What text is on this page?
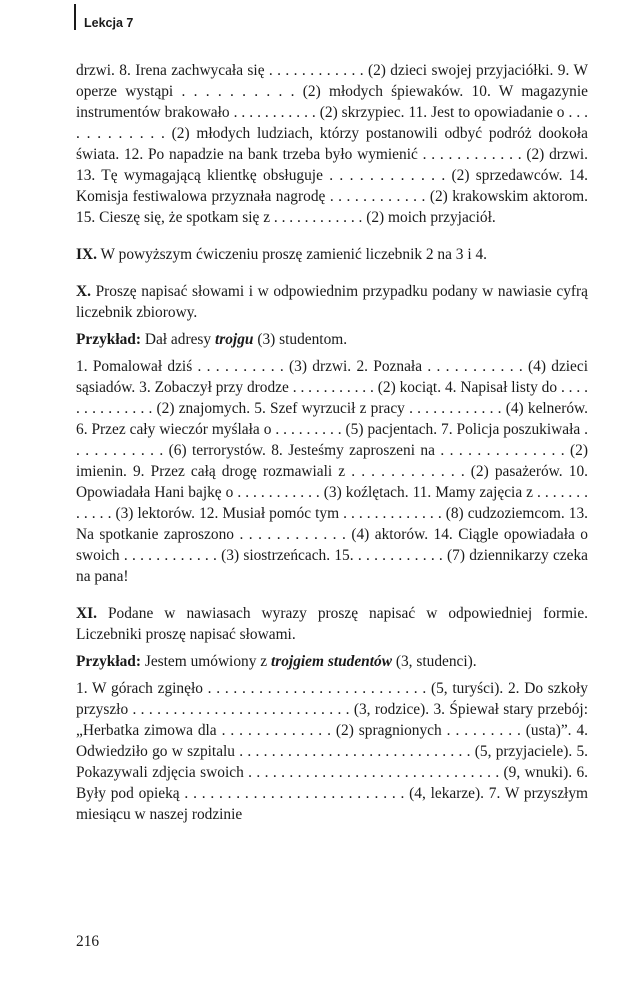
Lekcja 7

drzwi. 8. Irena zachwycała się . . . . . . . . . . . . (2) dzieci swojej przyjaciółki. 9. W operze wystąpi . . . . . . . . . . (2) młodych śpiewaków. 10. W magazynie instrumentów brakowało . . . . . . . . . . . (2) skrzypiec. 11. Jest to opowiadanie o . . . . . . . . . . . . (2) młodych ludziach, którzy postanowili odbyć podróż dookoła świata. 12. Po napadzie na bank trzeba było wymienić . . . . . . . . . . . . (2) drzwi. 13. Tę wymagającą klientkę obsługuje . . . . . . . . . . . . (2) sprzedawców. 14. Komisja festiwalowa przyznała nagrodę . . . . . . . . . . . . (2) krakowskim aktorom. 15. Cieszę się, że spotkam się z . . . . . . . . . . . . (2) moich przyjaciół.

IX. W powyższym ćwiczeniu proszę zamienić liczebnik 2 na 3 i 4.

X. Proszę napisać słowami i w odpowiednim przypadku podany w nawiasie cyfrą liczebnik zbiorowy.

Przykład: Dał adresy trojgu (3) studentom.

1. Pomalował dziś . . . . . . . . . . (3) drzwi. 2. Poznała . . . . . . . . . . . (4) dzieci sąsiadów. 3. Zobaczył przy drodze . . . . . . . . . . . (2) kociąt. 4. Napisał listy do . . . . . . . . . . . . . . (2) znajomych. 5. Szef wyrzucił z pracy . . . . . . . . . . . . (4) kelnerów. 6. Przez cały wieczór myślała o . . . . . . . . . (5) pacjentach. 7. Policja poszukiwała . . . . . . . . . . . (6) terrorystów. 8. Jesteśmy zaproszeni na . . . . . . . . . . . . . . (2) imienin. 9. Przez całą drogę rozmawiali z . . . . . . . . . . . . (2) pasażerów. 10. Opowiadała Hani bajkę o . . . . . . . . . . . (3) koźlętach. 11. Mamy zajęcia z . . . . . . . . . . . . (3) lektorów. 12. Musiał pomóc tym . . . . . . . . . . . . . (8) cudzoziemcom. 13. Na spotkanie zaproszono . . . . . . . . . . . . (4) aktorów. 14. Ciągle opowiadała o swoich . . . . . . . . . . . . (3) siostrzeńcach. 15. . . . . . . . . . . . (7) dziennikarzy czeka na pana!

XI. Podane w nawiasach wyrazy proszę napisać w odpowiedniej formie. Liczebniki proszę napisać słowami.

Przykład: Jestem umówiony z trojgiem studentów (3, studenci).

1. W górach zginęło . . . . . . . . . . . . . . . . . . . . . . . . . . (5, turyści). 2. Do szkoły przyszło . . . . . . . . . . . . . . . . . . . . . . . . . . . (3, rodzice). 3. Śpiewał stary przebój: „Herbatka zimowa dla . . . . . . . . . . . . . (2) spragnionych . . . . . . . . . (usta)”. 4. Odwiedziło go w szpitalu . . . . . . . . . . . . . . . . . . . . . . . . . . . . . (5, przyjaciele). 5. Pokazywali zdjęcia swoich . . . . . . . . . . . . . . . . . . . . . . . . . . . . . . . (9, wnuki). 6. Były pod opieką . . . . . . . . . . . . . . . . . . . . . . . . . . (4, lekarze). 7. W przyszłym miesiącu w naszej rodzinie

216
